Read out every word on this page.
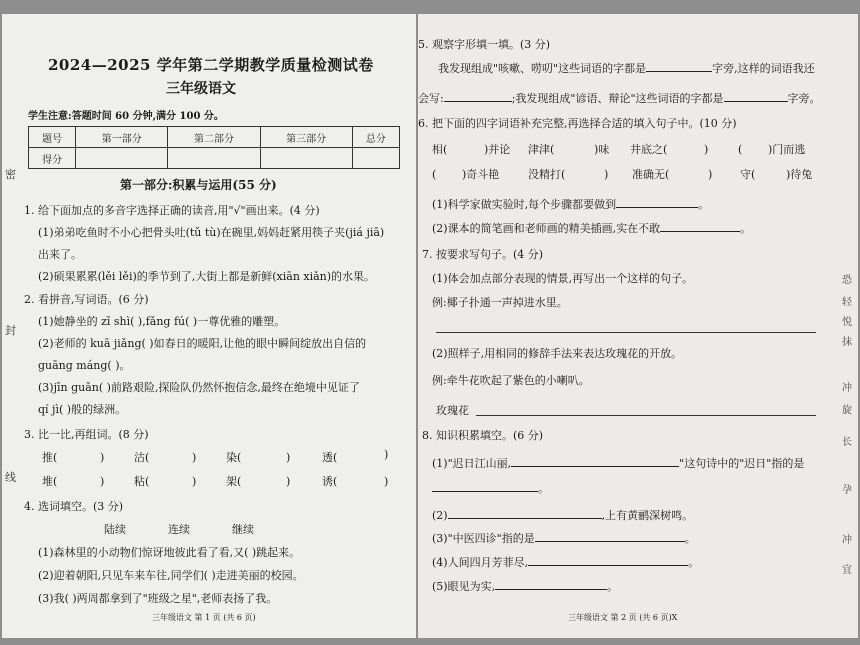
密
封
线
2024—2025 学年第二学期教学质量检测试卷
三年级语文
学生注意:答题时间 60 分钟,满分 100 分。
题号	第一部分	第二部分	第三部分	总分
得分				
第一部分:积累与运用(55 分)
1. 给下面加点的多音字选择正确的读音,用"√"画出来。(4 分)
(1)弟弟吃鱼时不小心把骨头吐(tǔ tù)在碗里,妈妈赶紧用筷子夹(jiá jiā)
出来了。
(2)硕果累累(lěi lěi)的季节到了,大街上都是新鲜(xiān xiǎn)的水果。
2. 看拼音,写词语。(6 分)
(1)她静坐的 zī shì( ),fǎng fú( )一尊优雅的雕塑。
(2)老师的 kuā jiǎng( )如春日的暖阳,让他的眼中瞬间绽放出自信的
guāng máng( )。
(3)jīn guǎn( )前路艰险,探险队仍然怀抱信念,最终在绝境中见证了
qí jì( )般的绿洲。
3. 比一比,再组词。(8 分)
推(	)	沽(	)	染(	)	透(	)
堆(	)	粘(	)	架(	)	诱(	)
4. 选词填空。(3 分)
陆续	连续	继续
(1)森林里的小动物们惊讶地彼此看了看,又( )跳起来。
(2)迎着朝阳,只见车来车往,同学们( )走进美丽的校园。
(3)我( )两周都拿到了"班级之星",老师表扬了我。
三年级语文 第 1 页 (共 6 页)
5. 观察字形填一填。(3 分)
我发现组成"咳嗽、唠叨"这些词语的字都是	字旁,这样的词语我还
会写:	;我发现组成"谚语、辩论"这些词语的字都是	字旁。
6. 把下面的四字词语补充完整,再选择合适的填入句子中。(10 分)
相(	)并论 津津(	)味 井底之(	)	( )门而逃
( )奇斗艳	没精打(	) 准确无(	)	守(	)待兔
(1)科学家做实验时,每个步骤都要做到	。
(2)课本的简笔画和老师画的精美插画,实在不敢	。
7. 按要求写句子。(4 分)
(1)体会加点部分表现的情景,再写出一个这样的句子。
例:椰子扑通一声掉进水里。
(2)照样子,用相同的修辞手法来表达玫瑰花的开放。
例:牵牛花吹起了紫色的小喇叭。
玫瑰花
8. 知识积累填空。(6 分)
(1)"迟日江山丽,	"这句诗中的"迟日"指的是
。
(2)	,上有黄鹂深树鸣。
(3)"中医四诊"指的是	。
(4)人间四月芳菲尽,	。
(5)眼见为实,	。
三年级语文 第 2 页 (共 6 页)X
恐
轻
悦
抹
冲
旋
长
孕
冲
宜
